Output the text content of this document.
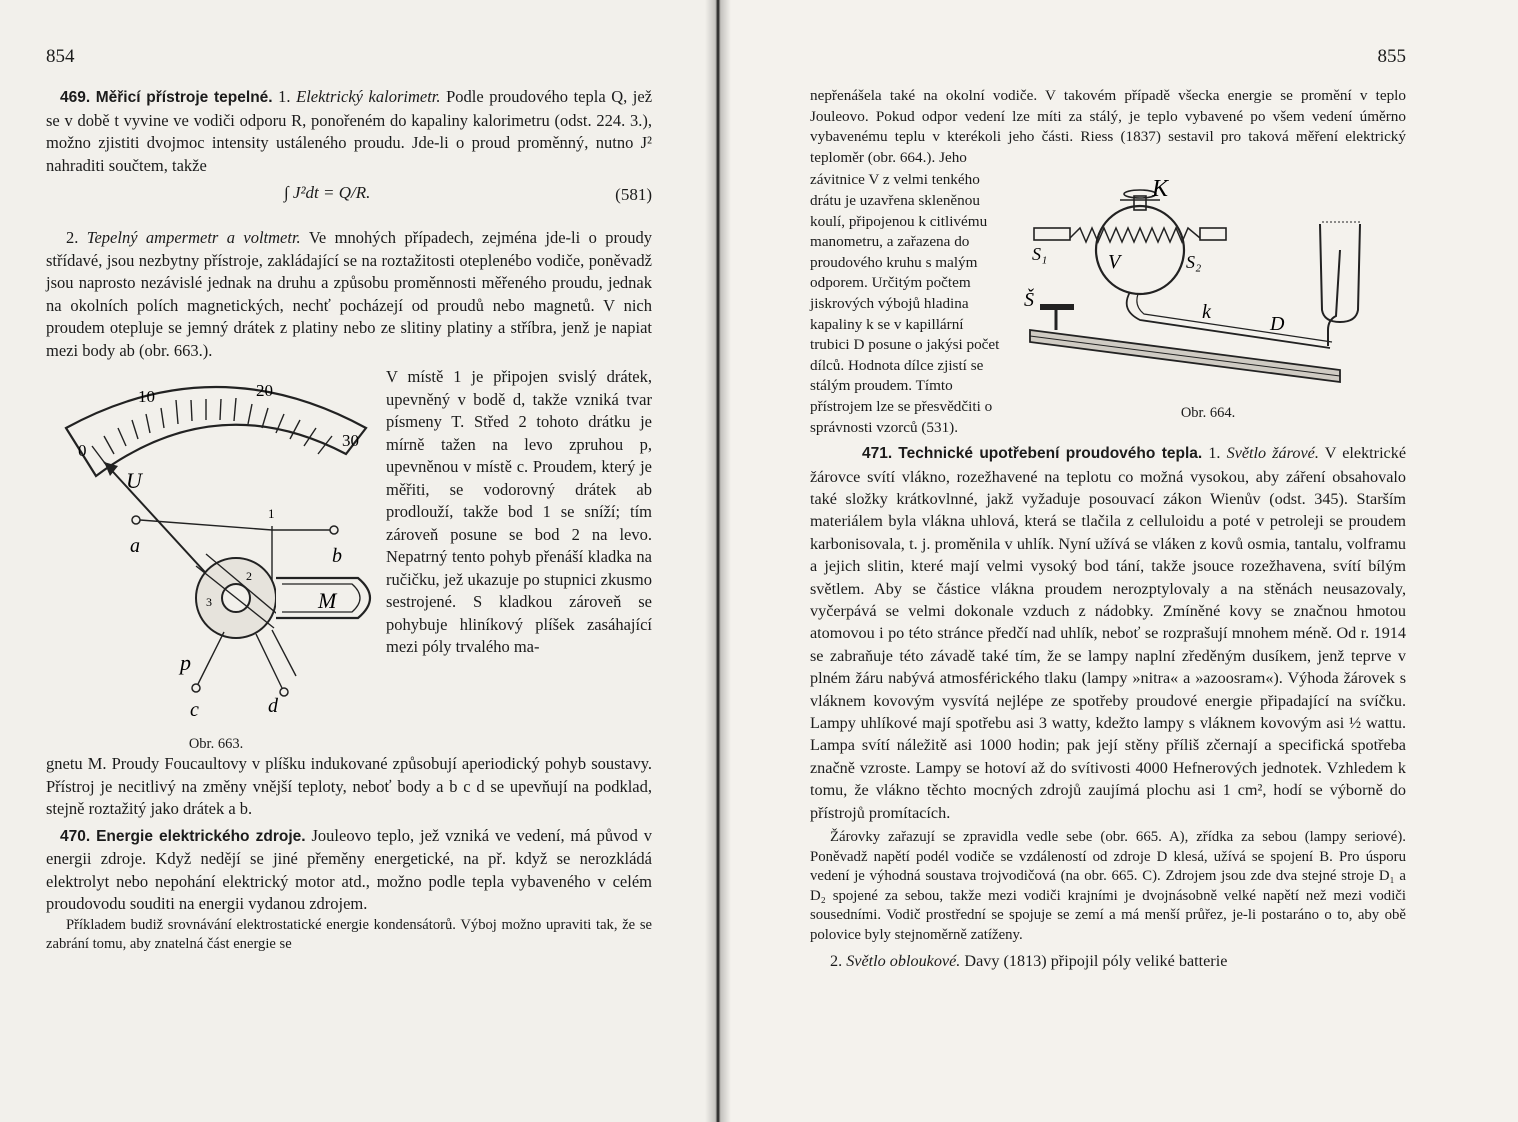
854

469. Měřicí přístroje tepelné. 1. Elektrický kalorimetr. Podle proudového tepla Q, jež se v době t vyvine ve vodiči odporu R, ponořeném do kapaliny kalorimetru (odst. 224. 3.), možno zjistiti dvojmoc intensity ustáleného proudu. Jde-li o proud proměnný, nutno J² nahraditi součtem, takže

∫ J²dt = Q/R.	(581)

2. Tepelný ampermetr a voltmetr. Ve mnohých případech, zejména jde-li o proudy střídavé, jsou nezbytny přístroje, zakládající se na roztažitosti oteplenébo vodiče, poněvadž jsou naprosto nezávislé jednak na druhu a způsobu proměnnosti měřeného proudu, jednak na okolních polích magnetických, nechť pocházejí od proudů nebo magnetů. V nich proudem otepluje se jemný drátek z platiny nebo ze slitiny platiny a stříbra, jenž je napiat mezi body ab (obr. 663.).

10	20
30
0
U
a	b
1
3
2
M
p
c	d
Obr. 663.

V místě 1 je připojen svislý drátek, upevněný v bodě d, takže vzniká tvar písmeny T. Střed 2 tohoto drátku je mírně tažen na levo zpruhou p, upevněnou v místě c. Proudem, který je měřiti, se vodorovný drátek ab prodlouží, takže bod 1 se sníží; tím zároveň posune se bod 2 na levo. Nepatrný tento pohyb přenáší kladka na ručičku, jež ukazuje po stupnici zkusmo sestrojené. S kladkou zároveň se pohybuje hliníkový plíšek zasáhající mezi póly trvalého ma-

gnetu M. Proudy Foucaultovy v plíšku indukované způsobují aperiodický pohyb soustavy. Přístroj je necitlivý na změny vnější teploty, neboť body a b c d se upevňují na podklad, stejně roztažitý jako drátek a b.

470. Energie elektrického zdroje. Jouleovo teplo, jež vzniká ve vedení, má původ v energii zdroje. Když nedějí se jiné přeměny energetické, na př. když se nerozkládá elektrolyt nebo nepohání elektrický motor atd., možno podle tepla vybaveného v celém proudovodu souditi na energii vydanou zdrojem.

Příkladem budiž srovnávání elektrostatické energie kondensátorů. Výboj možno upraviti tak, že se zabrání tomu, aby znatelná část energie se

855

nepřenášela také na okolní vodiče. V takovém případě všecka energie se promění v teplo Jouleovo. Pokud odpor vedení lze míti za stálý, je teplo vybavené po všem vedení úměrno vybavenému teplu v kterékoli jeho části. Riess (1837) sestavil pro taková měření elektrický teploměr (obr. 664.). Jeho

závitnice V z velmi tenkého drátu je uzavřena skleněnou koulí, připojenou k citlivému manometru, a zařazena do proudového kruhu s malým odporem. Určitým počtem jiskrových výbojů hladina kapaliny k se v kapillární trubici D posune o jakýsi počet dílců. Hodnota dílce zjistí se stálým proudem. Tímto přístrojem lze se přesvědčiti o správnosti vzorců (531).

K
S₁	V	S₂
Š
k
D
Obr. 664.

471. Technické upotřebení proudového tepla. 1. Světlo žárové. V elektrické žárovce svítí vlákno, rozežhavené na teplotu co možná vysokou, aby záření obsahovalo také složky krátkovlnné, jakž vyžaduje posouvací zákon Wienův (odst. 345). Starším materiálem byla vlákna uhlová, která se tlačila z celluloidu a poté v petroleji se proudem karbonisovala, t. j. proměnila v uhlík. Nyní užívá se vláken z kovů osmia, tantalu, volframu a jejich slitin, které mají velmi vysoký bod tání, takže jsouce rozežhavena, svítí bílým světlem. Aby se částice vlákna proudem nerozptylovaly a na stěnách neusazovaly, vyčerpává se velmi dokonale vzduch z nádobky. Zmíněné kovy se značnou hmotou atomovou i po této stránce předčí nad uhlík, neboť se rozprašují mnohem méně. Od r. 1914 se zabraňuje této závadě také tím, že se lampy naplní zředěným dusíkem, jenž teprve v plném žáru nabývá atmosférického tlaku (lampy »nitra« a »azoosram«). Výhoda žárovek s vláknem kovovým vysvítá nejlépe ze spotřeby proudové energie připadající na svíčku. Lampy uhlíkové mají spotřebu asi 3 watty, kdežto lampy s vláknem kovovým asi ½ wattu. Lampa svítí náležitě asi 1000 hodin; pak její stěny příliš zčernají a specifická spotřeba značně vzroste. Lampy se hotoví až do svítivosti 4000 Hefnerových jednotek. Vzhledem k tomu, že vlákno těchto mocných zdrojů zaujímá plochu asi 1 cm², hodí se výborně do přístrojů promítacích.

Žárovky zařazují se zpravidla vedle sebe (obr. 665. A), zřídka za sebou (lampy seriové). Poněvadž napětí podél vodiče se vzdáleností od zdroje D klesá, užívá se spojení B. Pro úsporu vedení je výhodná soustava trojvodičová (na obr. 665. C). Zdrojem jsou zde dva stejné stroje D₁ a D₂ spojené za sebou, takže mezi vodiči krajními je dvojnásobně velké napětí než mezi vodiči sousedními. Vodič prostřední se spojuje se zemí a má menší průřez, je-li postaráno o to, aby obě polovice byly stejnoměrně zatíženy.

2. Světlo obloukové. Davy (1813) připojil póly veliké batterie
